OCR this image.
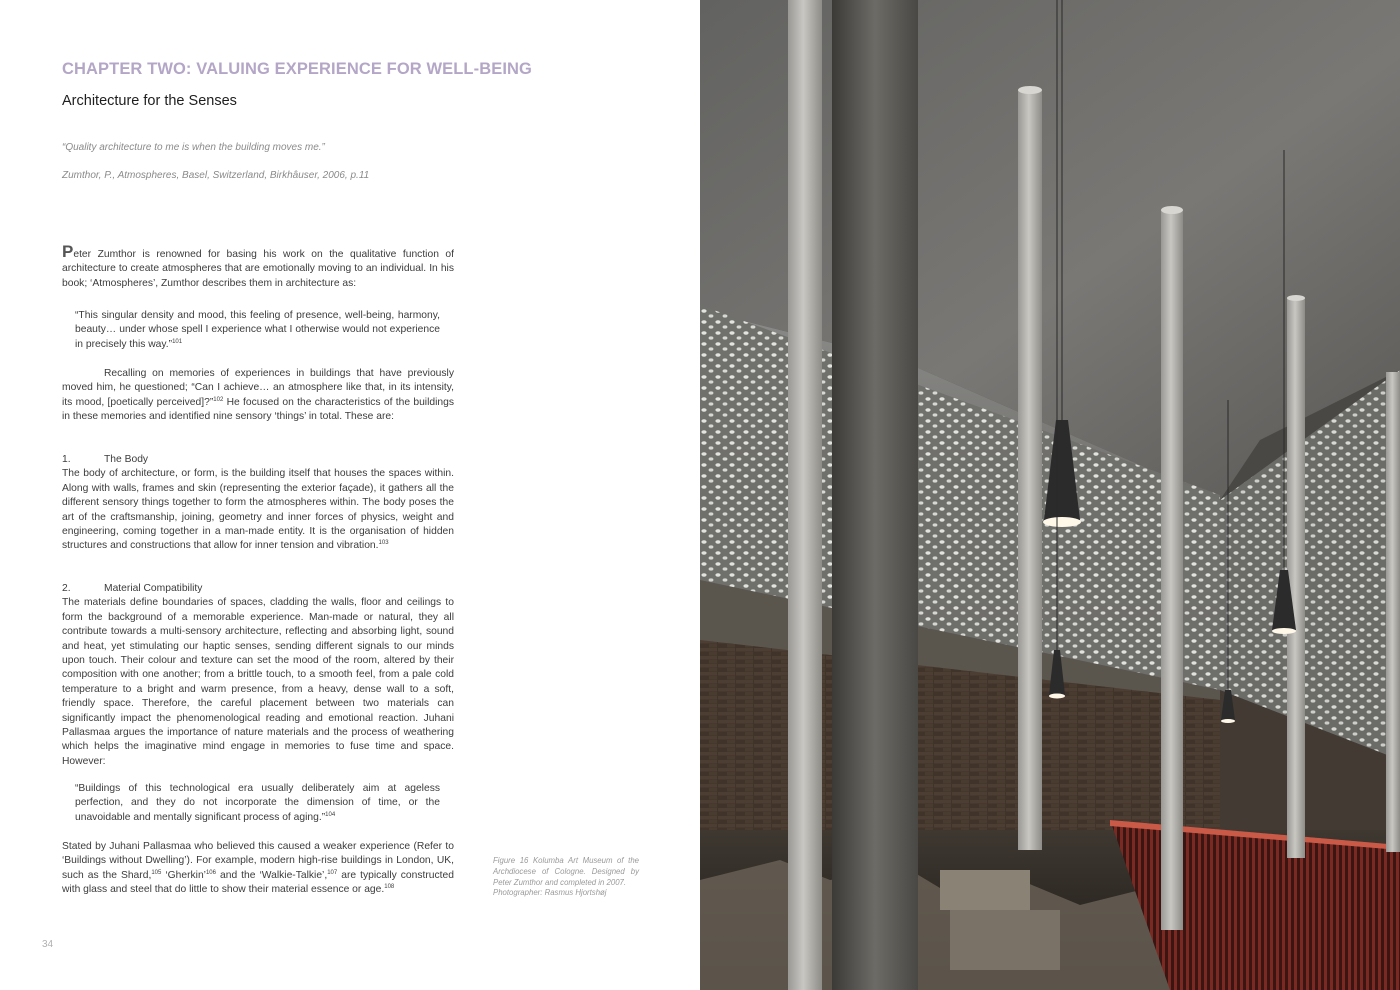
CHAPTER TWO: VALUING EXPERIENCE FOR WELL-BEING
Architecture for the Senses
“Quality architecture to me is when the building moves me.”
Zumthor, P., Atmospheres, Basel, Switzerland, Birkhâuser, 2006, p.11

Peter Zumthor is renowned for basing his work on the qualitative function of architecture to create atmospheres that are emotionally moving to an individual. In his book; ‘Atmospheres’, Zumthor describes them in architecture as:

“This singular density and mood, this feeling of presence, well-being, harmony, beauty… under whose spell I experience what I otherwise would not experience in precisely this way.”$^{101}$

Recalling on memories of experiences in buildings that have previously moved him, he questioned; “Can I achieve… an atmosphere like that, in its intensity, its mood, [poetically perceived]?”$^{102}$ He focused on the characteristics of the buildings in these memories and identified nine sensory ‘things’ in total. These are:

1.	The Body

The body of architecture, or form, is the building itself that houses the spaces within. Along with walls, frames and skin (representing the exterior façade), it gathers all the different sensory things together to form the atmospheres within. The body poses the art of the craftsmanship, joining, geometry and inner forces of physics, weight and engineering, coming together in a man-made entity. It is the organisation of hidden structures and constructions that allow for inner tension and vibration.$^{103}$

2.	Material Compatibility

The materials define boundaries of spaces, cladding the walls, floor and ceilings to form the background of a memorable experience. Man-made or natural, they all contribute towards a multi-sensory architecture, reflecting and absorbing light, sound and heat, yet stimulating our haptic senses, sending different signals to our minds upon touch. Their colour and texture can set the mood of the room, altered by their composition with one another; from a brittle touch, to a smooth feel, from a pale cold temperature to a bright and warm presence, from a heavy, dense wall to a soft, friendly space. Therefore, the careful placement between two materials can significantly impact the phenomenological reading and emotional reaction. Juhani Pallasmaa argues the importance of nature materials and the process of weathering which helps the imaginative mind engage in memories to fuse time and space. However:

“Buildings of this technological era usually deliberately aim at ageless perfection, and they do not incorporate the dimension of time, or the unavoidable and mentally significant process of aging.”$^{104}$

Stated by Juhani Pallasmaa who believed this caused a weaker experience (Refer to ‘Buildings without Dwelling’). For example, modern high-rise buildings in London, UK, such as the Shard,$^{105}$ ‘Gherkin’$^{106}$ and the ‘Walkie-Talkie’,$^{107}$ are typically constructed with glass and steel that do little to show their material essence or age.$^{108}$

Figure 16 Kolumba Art Museum of the Archdiocese of Cologne. Designed by Peter Zumthor and completed in 2007.
Photographer: Rasmus Hjortshøj
34
